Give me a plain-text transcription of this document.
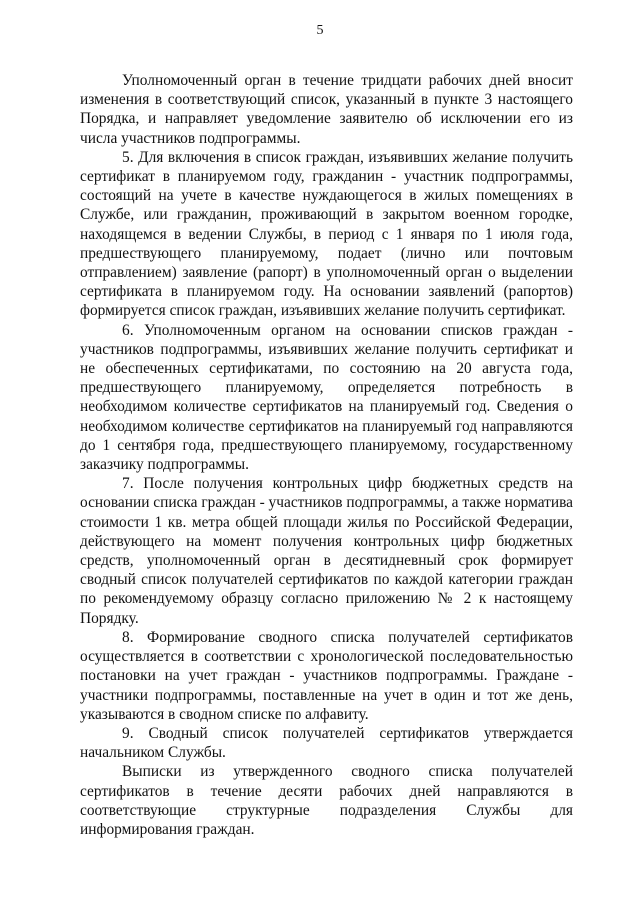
5

Уполномоченный орган в течение тридцати рабочих дней вносит изменения в соответствующий список, указанный в пункте 3 настоящего Порядка, и направляет уведомление заявителю об исключении его из числа участников подпрограммы.

5. Для включения в список граждан, изъявивших желание получить сертификат в планируемом году, гражданин - участник подпрограммы, состоящий на учете в качестве нуждающегося в жилых помещениях в Службе, или гражданин, проживающий в закрытом военном городке, находящемся в ведении Службы, в период с 1 января по 1 июля года, предшествующего планируемому, подает (лично или почтовым отправлением) заявление (рапорт) в уполномоченный орган о выделении сертификата в планируемом году. На основании заявлений (рапортов) формируется список граждан, изъявивших желание получить сертификат.

6. Уполномоченным органом на основании списков граждан - участников подпрограммы, изъявивших желание получить сертификат и не обеспеченных сертификатами, по состоянию на 20 августа года, предшествующего планируемому, определяется потребность в необходимом количестве сертификатов на планируемый год. Сведения о необходимом количестве сертификатов на планируемый год направляются до 1 сентября года, предшествующего планируемому, государственному заказчику подпрограммы.

7. После получения контрольных цифр бюджетных средств на основании списка граждан - участников подпрограммы, а также норматива стоимости 1 кв. метра общей площади жилья по Российской Федерации, действующего на момент получения контрольных цифр бюджетных средств, уполномоченный орган в десятидневный срок формирует сводный список получателей сертификатов по каждой категории граждан по рекомендуемому образцу согласно приложению № 2 к настоящему Порядку.

8. Формирование сводного списка получателей сертификатов осуществляется в соответствии с хронологической последовательностью постановки на учет граждан - участников подпрограммы. Граждане - участники подпрограммы, поставленные на учет в один и тот же день, указываются в сводном списке по алфавиту.

9. Сводный список получателей сертификатов утверждается начальником Службы.

Выписки из утвержденного сводного списка получателей сертификатов в течение десяти рабочих дней направляются в соответствующие структурные подразделения Службы для информирования граждан.
